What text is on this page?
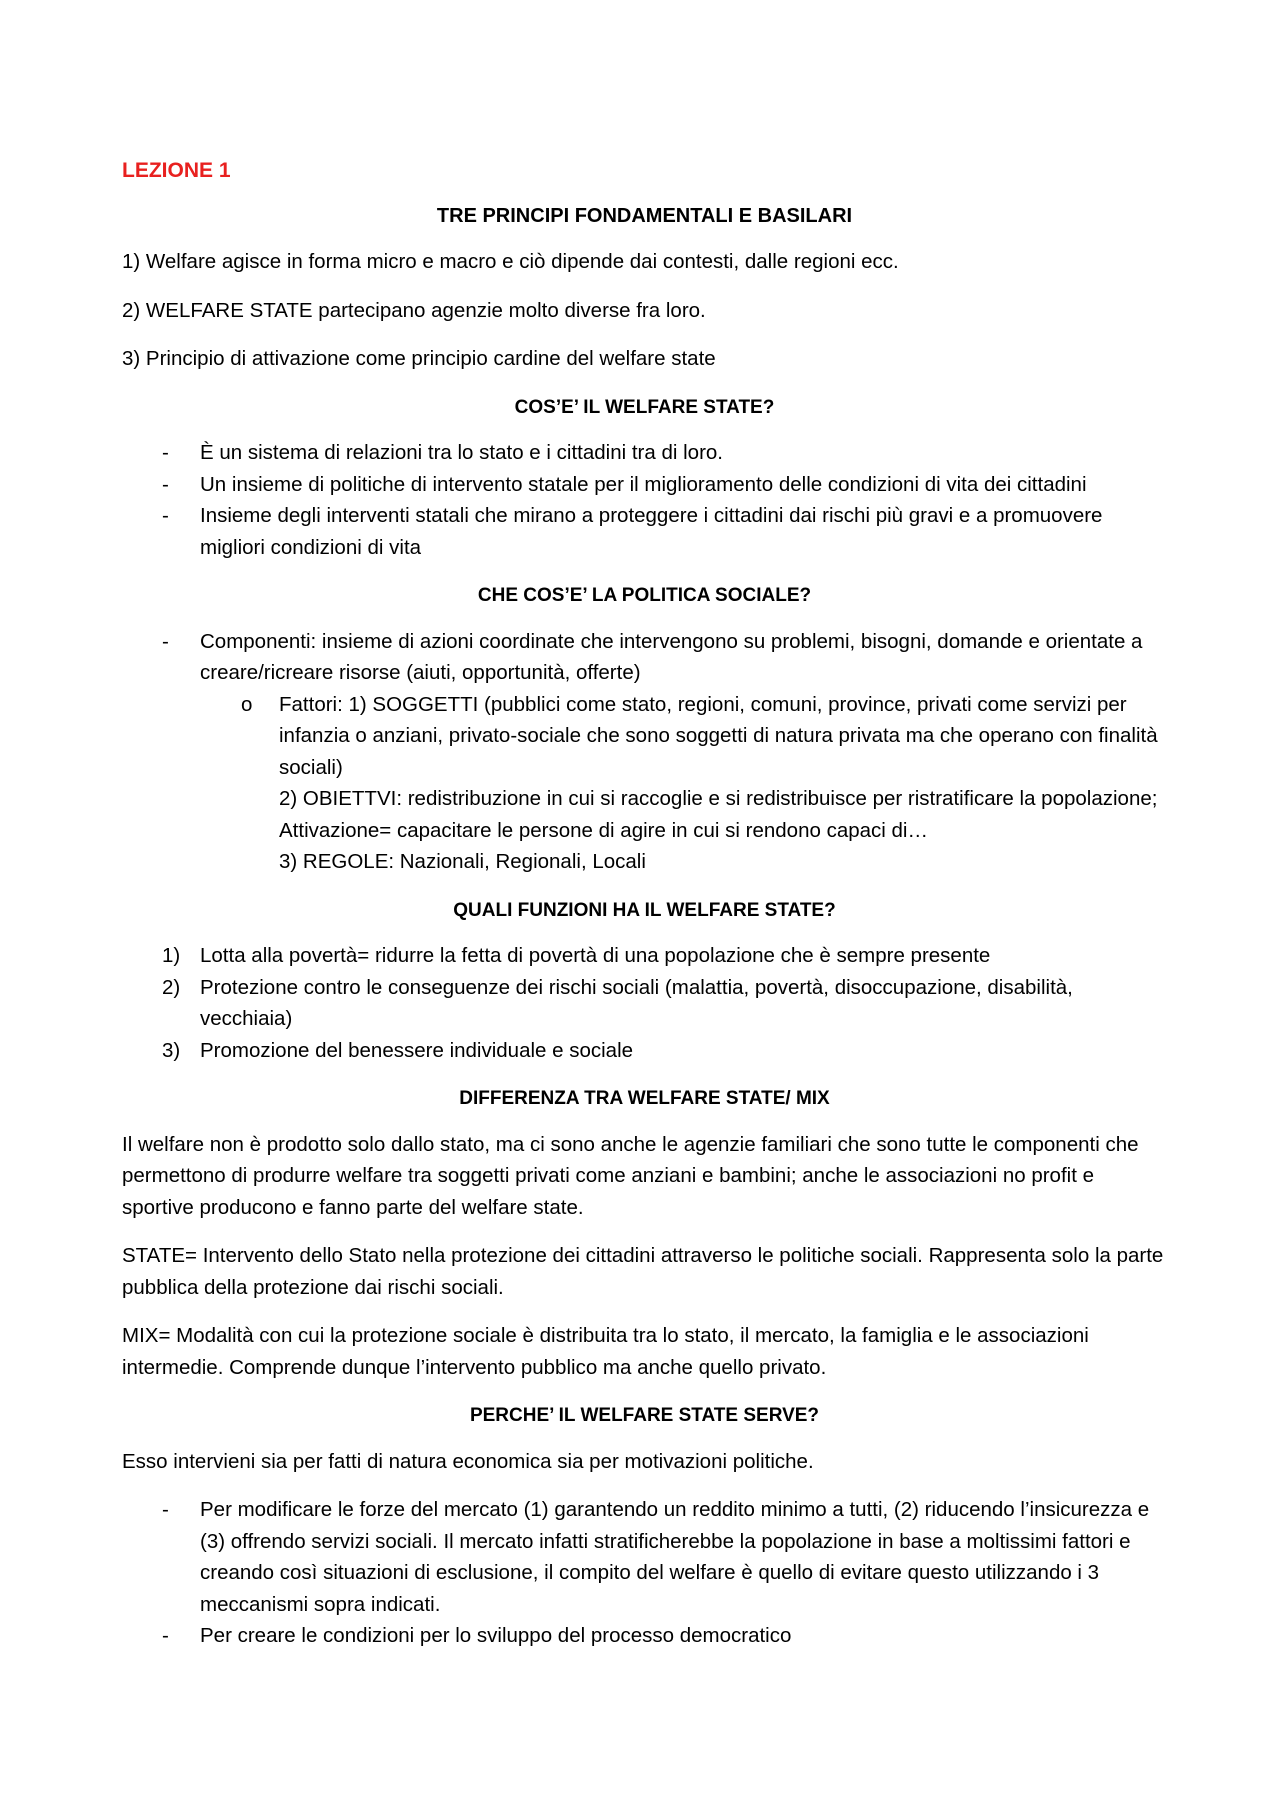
LEZIONE 1
TRE PRINCIPI FONDAMENTALI E BASILARI

1) Welfare agisce in forma micro e macro e ciò dipende dai contesti, dalle regioni ecc.

2) WELFARE STATE partecipano agenzie molto diverse fra loro.

3) Principio di attivazione come principio cardine del welfare state

COS’E’ IL WELFARE STATE?
- È un sistema di relazioni tra lo stato e i cittadini tra di loro.
- Un insieme di politiche di intervento statale per il miglioramento delle condizioni di vita dei cittadini
- Insieme degli interventi statali che mirano a proteggere i cittadini dai rischi più gravi e a promuovere migliori condizioni di vita
CHE COS’E’ LA POLITICA SOCIALE?
- Componenti: insieme di azioni coordinate che intervengono su problemi, bisogni, domande e orientate a creare/ricreare risorse (aiuti, opportunità, offerte)
o Fattori: 1) SOGGETTI (pubblici come stato, regioni, comuni, province, privati come servizi per infanzia o anziani, privato-sociale che sono soggetti di natura privata ma che operano con finalità sociali)
2) OBIETTVI: redistribuzione in cui si raccoglie e si redistribuisce per ristratificare la popolazione; Attivazione= capacitare le persone di agire in cui si rendono capaci di…
3) REGOLE: Nazionali, Regionali, Locali
QUALI FUNZIONI HA IL WELFARE STATE?
1) Lotta alla povertà= ridurre la fetta di povertà di una popolazione che è sempre presente
2) Protezione contro le conseguenze dei rischi sociali (malattia, povertà, disoccupazione, disabilità, vecchiaia)
3) Promozione del benessere individuale e sociale
DIFFERENZA TRA WELFARE STATE/ MIX

Il welfare non è prodotto solo dallo stato, ma ci sono anche le agenzie familiari che sono tutte le componenti che permettono di produrre welfare tra soggetti privati come anziani e bambini; anche le associazioni no profit e sportive producono e fanno parte del welfare state.

STATE= Intervento dello Stato nella protezione dei cittadini attraverso le politiche sociali. Rappresenta solo la parte pubblica della protezione dai rischi sociali.

MIX= Modalità con cui la protezione sociale è distribuita tra lo stato, il mercato, la famiglia e le associazioni intermedie. Comprende dunque l’intervento pubblico ma anche quello privato.

PERCHE’ IL WELFARE STATE SERVE?

Esso intervieni sia per fatti di natura economica sia per motivazioni politiche.

- Per modificare le forze del mercato (1) garantendo un reddito minimo a tutti, (2) riducendo l’insicurezza e (3) offrendo servizi sociali. Il mercato infatti stratificherebbe la popolazione in base a moltissimi fattori e creando così situazioni di esclusione, il compito del welfare è quello di evitare questo utilizzando i 3 meccanismi sopra indicati.
- Per creare le condizioni per lo sviluppo del processo democratico
